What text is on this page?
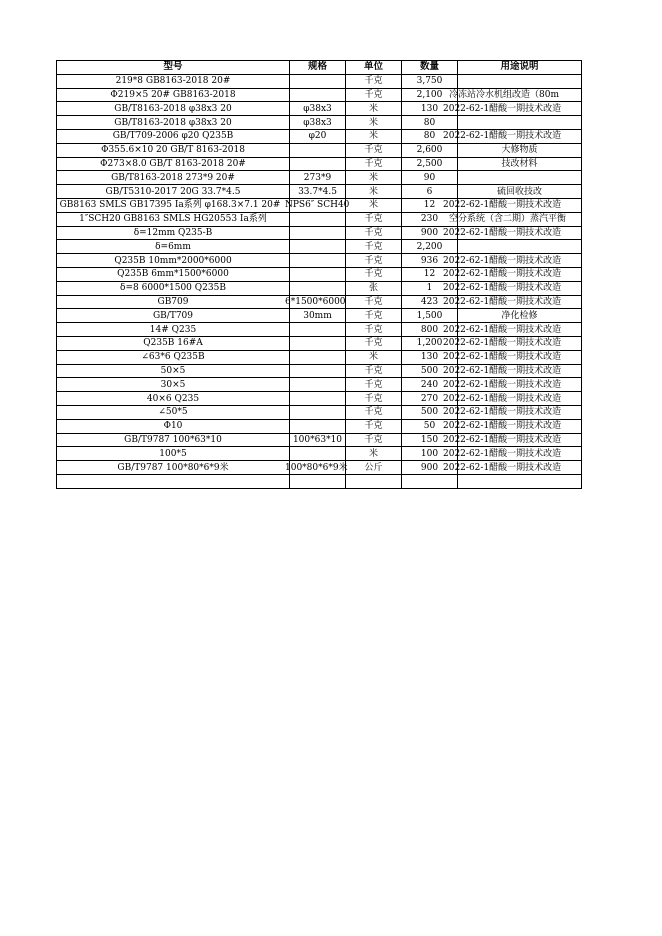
型号	规格	单位	数量	用途说明
219*8 GB8163-2018 20#		千克	3,750	
Φ219×5 20# GB8163-2018		千克	2,100	冷冻站冷水机组改造（80m
GB/T8163-2018 φ38x3 20	φ38x3	米	130	2022-62-1醋酸一期技术改造
GB/T8163-2018 φ38x3 20	φ38x3	米	80	
GB/T709-2006 φ20 Q235B	φ20	米	80	2022-62-1醋酸一期技术改造
Φ355.6×10 20 GB/T 8163-2018		千克	2,600	大修物质
Φ273×8.0 GB/T 8163-2018 20#		千克	2,500	技改材料
GB/T8163-2018 273*9 20#	273*9	米	90	
GB/T5310-2017 20G 33.7*4.5	33.7*4.5	米	6	硫回收技改
GB8163 SMLS GB17395 Ia系列 φ168.3×7.1 20#	NPS6″ SCH40	米	12	2022-62-1醋酸一期技术改造
1″SCH20 GB8163 SMLS HG20553 Ia系列		千克	230	空分系统（含二期）蒸汽平衡
δ=12mm Q235-B		千克	900	2022-62-1醋酸一期技术改造
δ=6mm		千克	2,200	
Q235B 10mm*2000*6000		千克	936	2022-62-1醋酸一期技术改造
Q235B 6mm*1500*6000		千克	12	2022-62-1醋酸一期技术改造
δ=8 6000*1500 Q235B		张	1	2022-62-1醋酸一期技术改造
GB709	6*1500*6000	千克	423	2022-62-1醋酸一期技术改造
GB/T709	30mm	千克	1,500	净化检修
14# Q235		千克	800	2022-62-1醋酸一期技术改造
Q235B 16#A		千克	1,200	2022-62-1醋酸一期技术改造
∠63*6 Q235B		米	130	2022-62-1醋酸一期技术改造
50×5		千克	500	2022-62-1醋酸一期技术改造
30×5		千克	240	2022-62-1醋酸一期技术改造
40×6 Q235		千克	270	2022-62-1醋酸一期技术改造
∠50*5		千克	500	2022-62-1醋酸一期技术改造
Φ10		千克	50	2022-62-1醋酸一期技术改造
GB/T9787 100*63*10	100*63*10	千克	150	2022-62-1醋酸一期技术改造
100*5		米	100	2022-62-1醋酸一期技术改造
GB/T9787 100*80*6*9米	100*80*6*9米	公斤	900	2022-62-1醋酸一期技术改造
